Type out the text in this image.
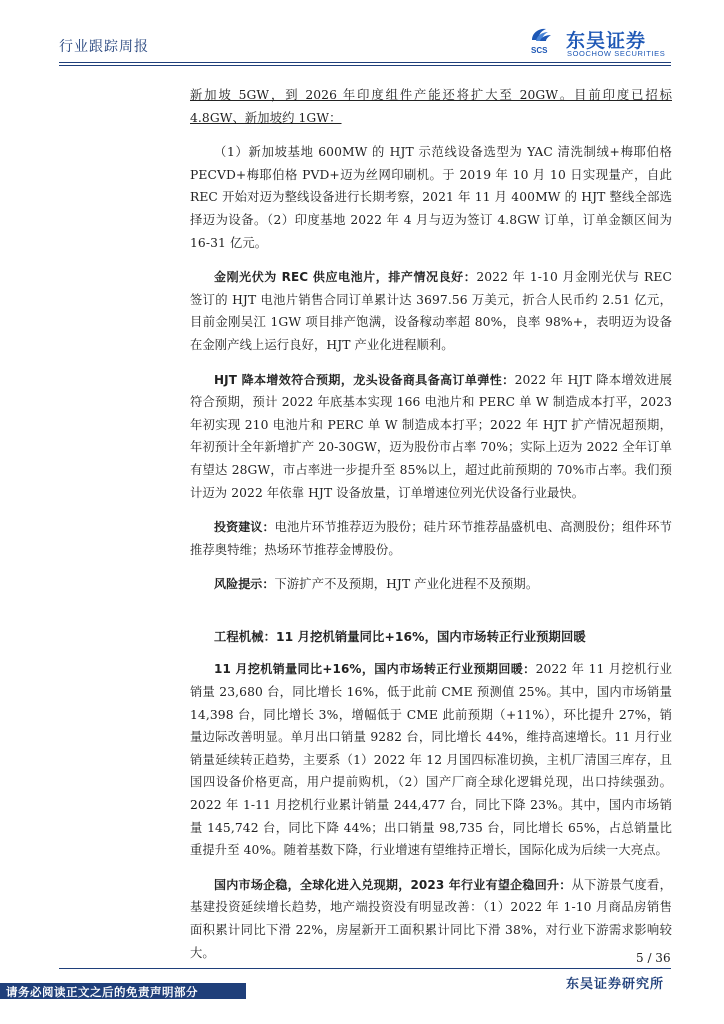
行业跟踪周报	SCS 东吴证券
SOOCHOW SECURITIES

新加坡 5GW，到 2026 年印度组件产能还将扩大至 20GW。目前印度已招标 4.8GW、新加坡约 1GW：

（1）新加坡基地 600MW 的 HJT 示范线设备选型为 YAC 清洗制绒+梅耶伯格 PECVD+梅耶伯格 PVD+迈为丝网印刷机。于 2019 年 10 月 10 日实现量产，自此 REC 开始对迈为整线设备进行长期考察，2021 年 11 月 400MW 的 HJT 整线全部选择迈为设备。（2）印度基地 2022 年 4 月与迈为签订 4.8GW 订单，订单金额区间为 16-31 亿元。

金刚光伏为 REC 供应电池片，排产情况良好：2022 年 1-10 月金刚光伏与 REC 签订的 HJT 电池片销售合同订单累计达 3697.56 万美元，折合人民币约 2.51 亿元，目前金刚吴江 1GW 项目排产饱满，设备稼动率超 80%，良率 98%+，表明迈为设备在金刚产线上运行良好，HJT 产业化进程顺利。

HJT 降本增效符合预期，龙头设备商具备高订单弹性：2022 年 HJT 降本增效进展符合预期，预计 2022 年底基本实现 166 电池片和 PERC 单 W 制造成本打平，2023 年初实现 210 电池片和 PERC 单 W 制造成本打平；2022 年 HJT 扩产情况超预期，年初预计全年新增扩产 20-30GW，迈为股份市占率 70%；实际上迈为 2022 全年订单有望达 28GW，市占率进一步提升至 85%以上，超过此前预期的 70%市占率。我们预计迈为 2022 年依靠 HJT 设备放量，订单增速位列光伏设备行业最快。

投资建议：电池片环节推荐迈为股份；硅片环节推荐晶盛机电、高测股份；组件环节推荐奥特维；热场环节推荐金博股份。

风险提示：下游扩产不及预期，HJT 产业化进程不及预期。

工程机械：11 月挖机销量同比+16%，国内市场转正行业预期回暖

11 月挖机销量同比+16%，国内市场转正行业预期回暖：2022 年 11 月挖机行业销量 23,680 台，同比增长 16%，低于此前 CME 预测值 25%。其中，国内市场销量 14,398 台，同比增长 3%，增幅低于 CME 此前预期（+11%），环比提升 27%，销量边际改善明显。单月出口销量 9282 台，同比增长 44%，维持高速增长。11 月行业销量延续转正趋势，主要系（1）2022 年 12 月国四标准切换，主机厂清国三库存，且国四设备价格更高，用户提前购机，（2）国产厂商全球化逻辑兑现，出口持续强劲。2022 年 1-11 月挖机行业累计销量 244,477 台，同比下降 23%。其中，国内市场销量 145,742 台，同比下降 44%；出口销量 98,735 台，同比增长 65%，占总销量比重提升至 40%。随着基数下降，行业增速有望维持正增长，国际化成为后续一大亮点。

国内市场企稳，全球化进入兑现期，2023 年行业有望企稳回升：从下游景气度看，基建投资延续增长趋势，地产端投资没有明显改善：（1）2022 年 1-10 月商品房销售面积累计同比下滑 22%，房屋新开工面积累计同比下滑 38%，对行业下游需求影响较大。	5 / 36
东吴证券研究所
请务必阅读正文之后的免责声明部分
